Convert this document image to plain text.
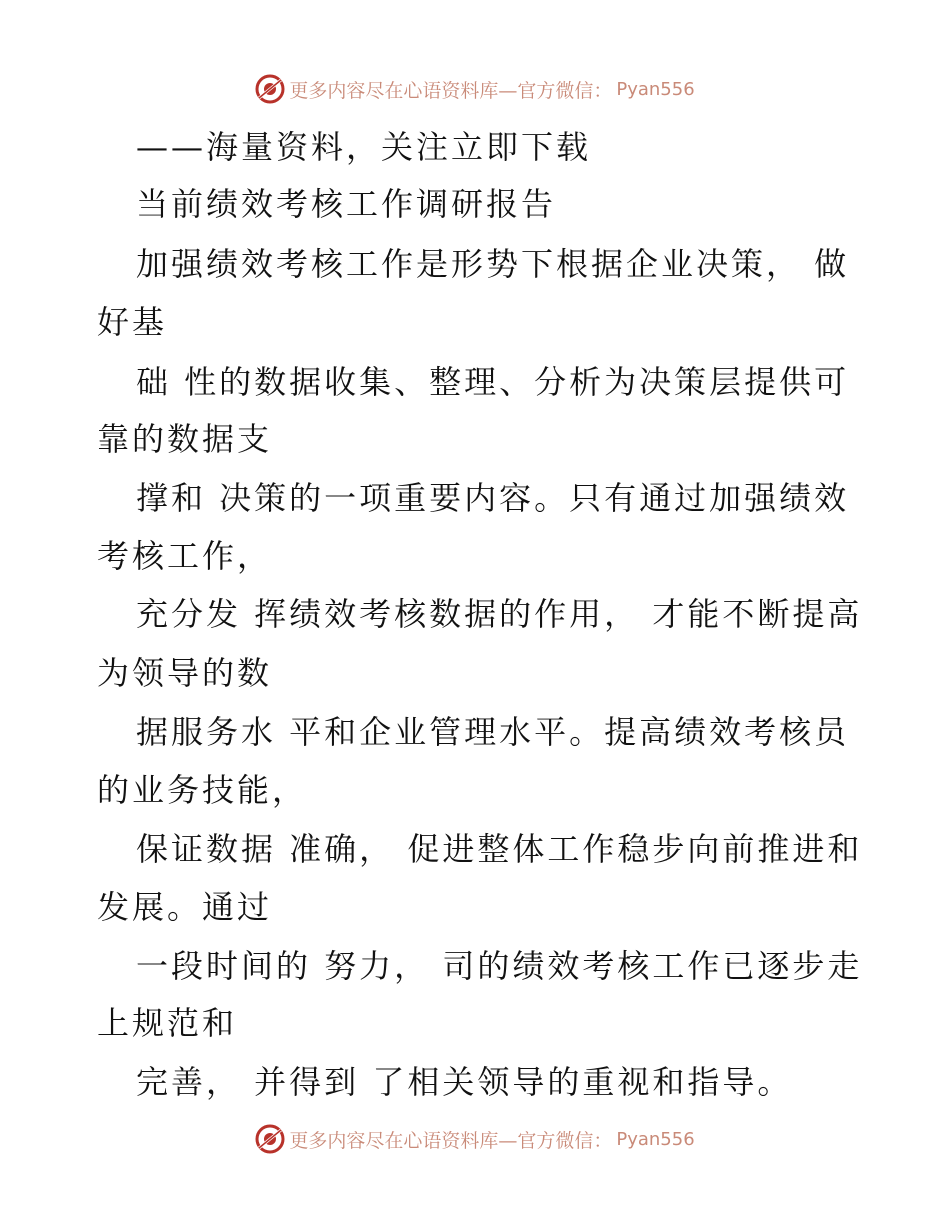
更多内容尽在心语资料库—官方微信： Pyan556
——海量资料，关注立即下载
当前绩效考核工作调研报告
加强绩效考核工作是形势下根据企业决策， 做
好基
础 性的数据收集、整理、分析为决策层提供可
靠的数据支
撑和 决策的一项重要内容。只有通过加强绩效
考核工作，
充分发 挥绩效考核数据的作用， 才能不断提高
为领导的数
据服务水 平和企业管理水平。提高绩效考核员
的业务技能，
保证数据 准确， 促进整体工作稳步向前推进和
发展。通过
一段时间的 努力， 司的绩效考核工作已逐步走
上规范和
完善， 并得到 了相关领导的重视和指导。
更多内容尽在心语资料库—官方微信： Pyan556
